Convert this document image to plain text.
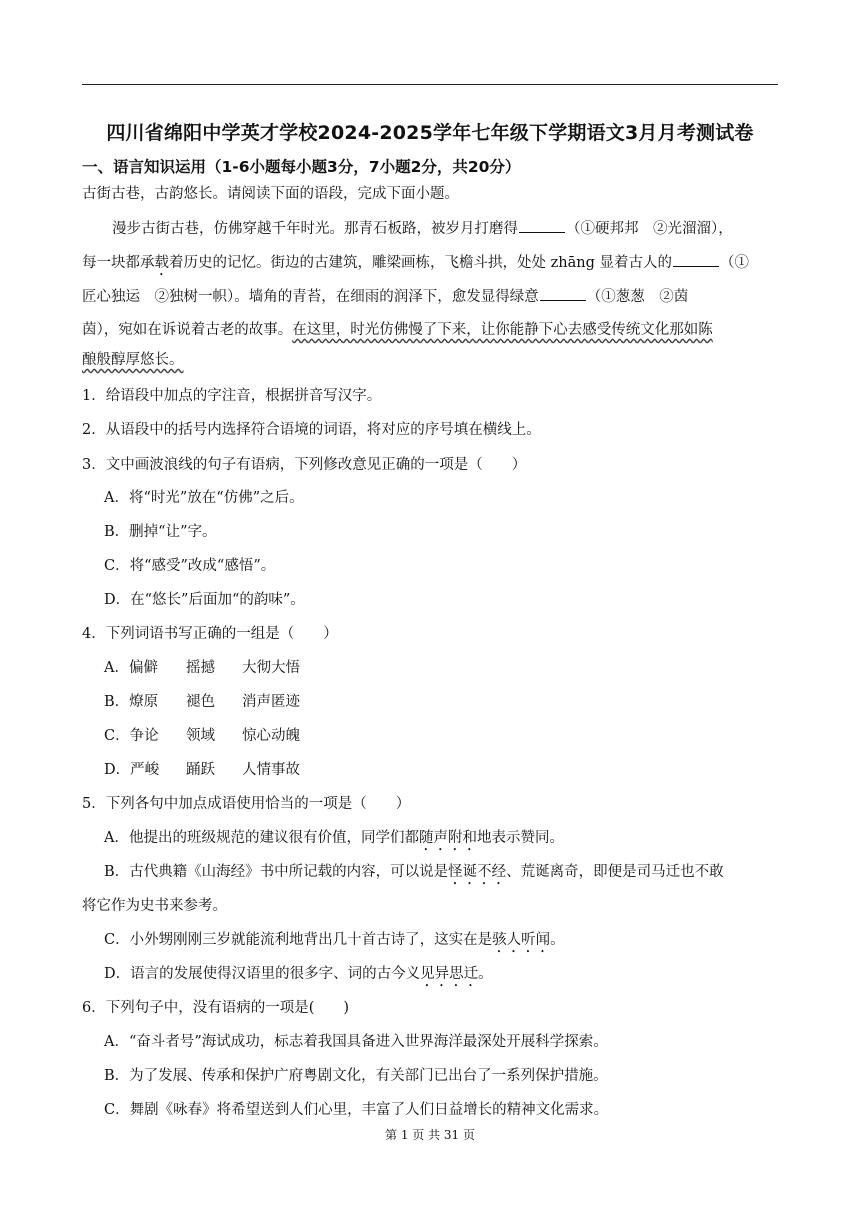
四川省绵阳中学英才学校2024-2025学年七年级下学期语文3月月考测试卷
一、语言知识运用（1-6小题每小题3分，7小题2分，共20分）
古街古巷，古韵悠长。请阅读下面的语段，完成下面小题。
漫步古街古巷，仿佛穿越千年时光。那青石板路，被岁月打磨得	（①硬邦邦　②光溜溜），
每一块都承载着历史的记忆。街边的古建筑，雕梁画栋，飞檐斗拱，处处 zhāng 显着古人的	（①
匠心独运　②独树一帜）。墙角的青苔，在细雨的润泽下，愈发显得绿意	（①葱葱　②茵
茵），宛如在诉说着古老的故事。在这里，时光仿佛慢了下来，让你能静下心去感受传统文化那如陈
酿般醇厚悠长。
1．给语段中加点的字注音，根据拼音写汉字。
2．从语段中的括号内选择符合语境的词语，将对应的序号填在横线上。
3．文中画波浪线的句子有语病，下列修改意见正确的一项是（　　）
A．将“时光”放在“仿佛”之后。
B．删掉“让”字。
C．将“感受”改成“感悟”。
D．在“悠长”后面加“的韵味”。
4．下列词语书写正确的一组是（　　）
A．偏僻 摇撼 大彻大悟
B．燎原 褪色 消声匿迹
C．争论 领域 惊心动魄
D．严峻 踊跃 人情事故
5．下列各句中加点成语使用恰当的一项是（　　）
A．他提出的班级规范的建议很有价值，同学们都随声附和地表示赞同。
B．古代典籍《山海经》书中所记载的内容，可以说是怪诞不经、荒诞离奇，即便是司马迁也不敢
将它作为史书来参考。
C．小外甥刚刚三岁就能流利地背出几十首古诗了，这实在是骇人听闻。
D．语言的发展使得汉语里的很多字、词的古今义见异思迁。
6．下列句子中，没有语病的一项是(　　)
A．“奋斗者号”海试成功，标志着我国具备进入世界海洋最深处开展科学探索。
B．为了发展、传承和保护广府粤剧文化，有关部门已出台了一系列保护措施。
C．舞剧《咏春》将希望送到人们心里，丰富了人们日益增长的精神文化需求。
第 1 页 共 31 页
